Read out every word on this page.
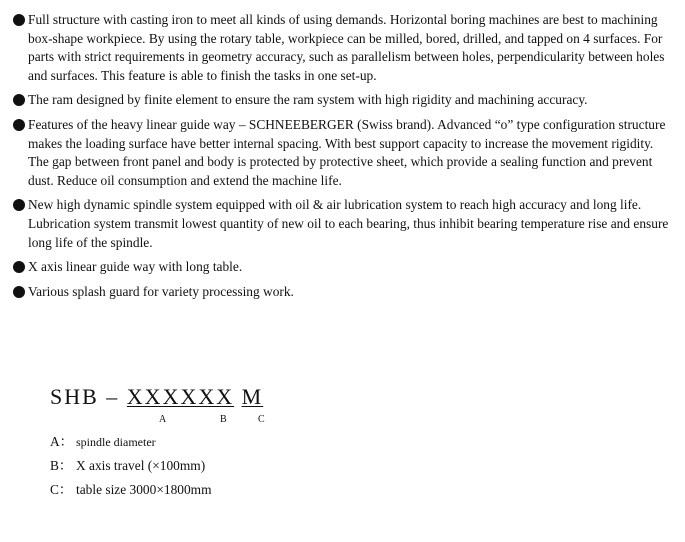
Full structure with casting iron to meet all kinds of using demands. Horizontal boring machines are best to machining box-shape workpiece. By using the rotary table, workpiece can be milled, bored, drilled, and tapped on 4 surfaces. For parts with strict requirements in geometry accuracy, such as parallelism between holes, perpendicularity between holes and surfaces. This feature is able to finish the tasks in one set-up.

The ram designed by finite element to ensure the ram system with high rigidity and machining accuracy.

Features of the heavy linear guide way – SCHNEEBERGER (Swiss brand). Advanced “o” type configuration structure makes the loading surface have better internal spacing. With best support capacity to increase the movement rigidity. The gap between front panel and body is protected by protective sheet, which provide a sealing function and prevent dust. Reduce oil consumption and extend the machine life.

New high dynamic spindle system equipped with oil & air lubrication system to reach high accuracy and long life. Lubrication system transmit lowest quantity of new oil to each bearing, thus inhibit bearing temperature rise and ensure long life of the spindle.

X axis linear guide way with long table.

Various splash guard for variety processing work.

SHB – XXXXXX M
A	B	C
A： spindle diameter
B： X axis travel (×100mm)
C： table size 3000×1800mm
